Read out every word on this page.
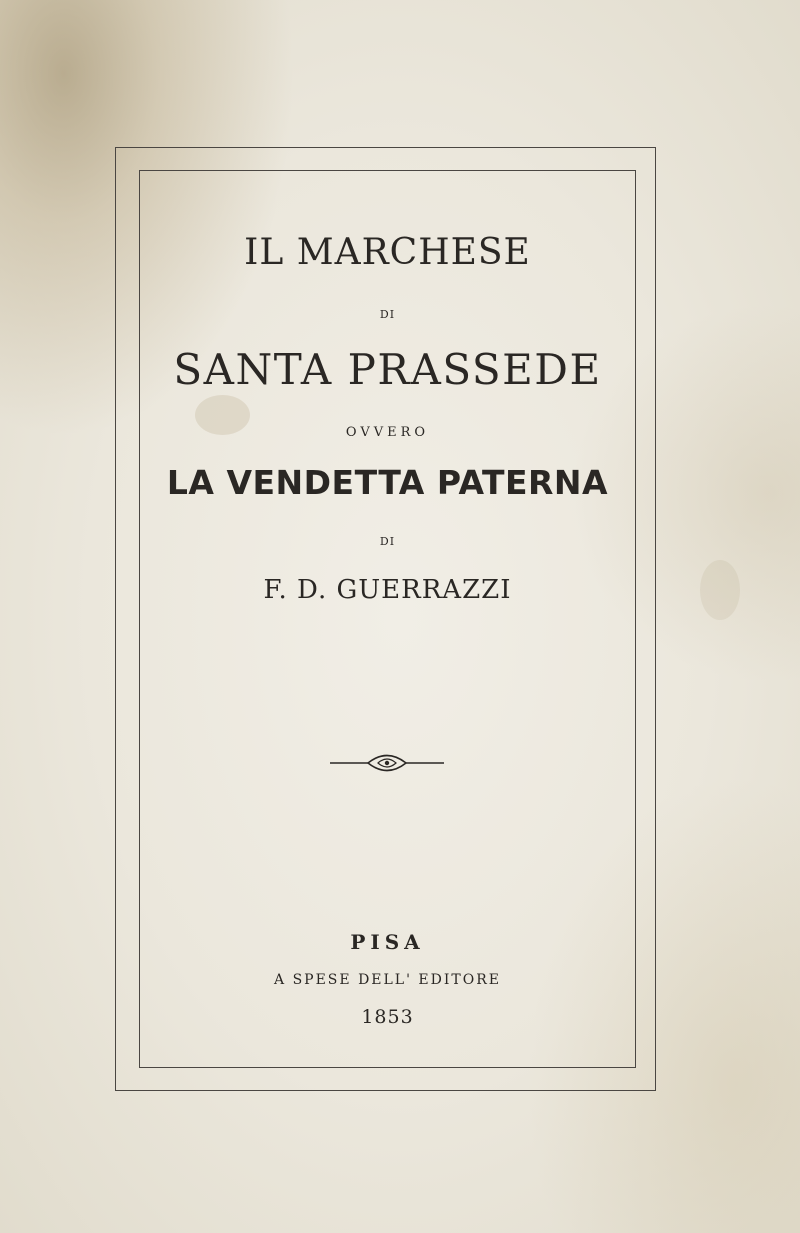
IL MARCHESE
DI
SANTA PRASSEDE
OVVERO
LA VENDETTA PATERNA
DI
F. D. GUERRAZZI
PISA
A SPESE DELL' EDITORE
1853
